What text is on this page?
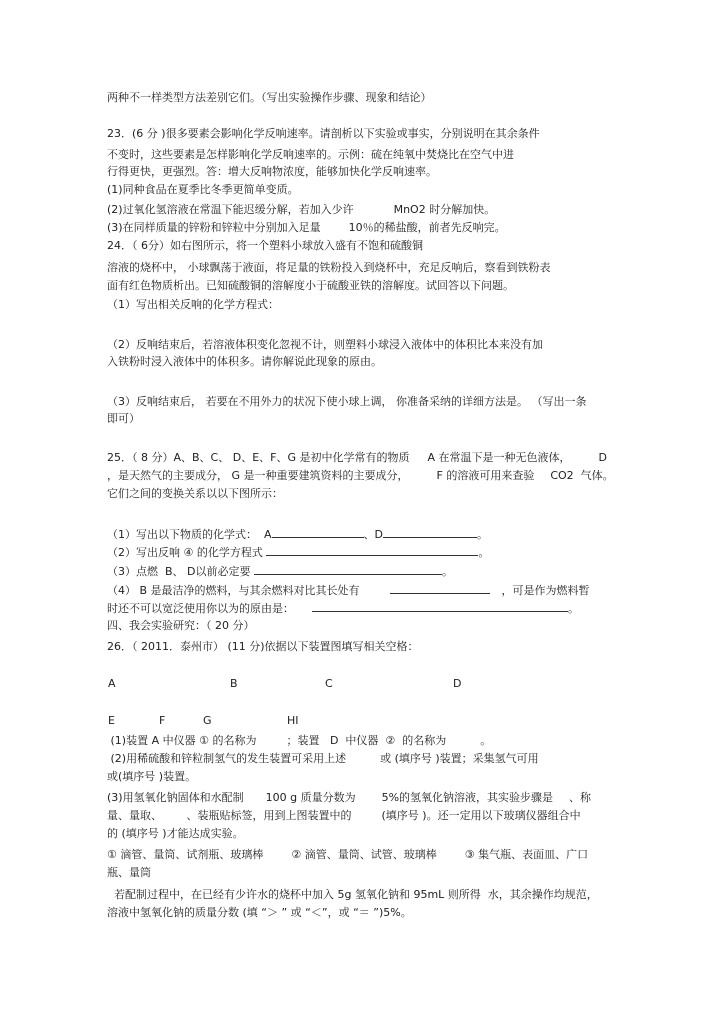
两种不一样类型方法差别它们。（写出实验操作步骤、现象和结论）
23．(6 分 )很多要素会影响化学反响速率。请剖析以下实验或事实，分别说明在其余条件
不变时，这些要素是怎样影响化学反响速率的。示例：硫在纯氧中焚烧比在空气中进
行得更快，更强烈。答：增大反响物浓度，能够加快化学反响速率。
(1)同种食品在夏季比冬季更简单变质。
(2)过氧化氢溶液在常温下能迟缓分解，若加入少许	MnO2 时分解加快。
(3)在同样质量的锌粉和锌粒中分别加入足量	10％的稀盐酸，前者先反响完。
24．（ 6分）如右图所示，将一个塑料小球放入盛有不饱和硫酸铜
溶液的烧杯中， 小球飘荡于液面，将足量的铁粉投入到烧杯中，充足反响后，察看到铁粉表
面有红色物质析出。已知硫酸铜的溶解度小于硫酸亚铁的溶解度。试回答以下问题。
（1）写出相关反响的化学方程式：
（2）反响结束后，若溶液体积变化忽视不计，则塑料小球浸入液体中的体积比本来没有加
入铁粉时浸入液体中的体积多。请你解说此现象的原由。
（3）反响结束后， 若要在不用外力的状况下使小球上调， 你准备采纳的详细方法是。 （写出一条
即可）
25．（ 8 分）A、B、C、 D、E、F、G 是初中化学常有的物质 A 在常温下是一种无色液体，	D
，是天然气的主要成分， G 是一种重要建筑资料的主要成分，	F 的溶液可用来查验 CO2  气体。
它们之间的变换关系以以下图所示：
（1）写出以下物质的化学式：  A	、D	。
（2）写出反响 ④ 的化学方程式	。
（3）点燃  B、 D以前必定要	。
（4） B 是最洁净的燃料，与其余燃料对比其长处有	，可是作为燃料暂
时还不可以宽泛使用你以为的原由是：	。
四、我会实验研究：（ 20 分）
26．（ 2011．泰州市） (11 分)依据以下装置图填写相关空格：
A	B	C	D
E	F	G	HI
(1)装置 A 中仪器 ① 的名称为	；装置   D  中仪器  ②  的名称为	。
(2)用稀硫酸和锌粒制氢气的发生装置可采用上述	或 (填序号 )装置；采集氢气可用
或(填序号 )装置。
(3)用氢氧化钠固体和水配制 100 g 质量分数为 5%的氢氧化钠溶液，其实验步骤是 、称
量、量取、	、装瓶贴标签，用到上图装置中的	(填序号 )。还一定用以下玻璃仪器组合中
的 (填序号 )才能达成实验。
① 滴管、量筒、试剂瓶、玻璃棒	② 滴管、量筒、试管、玻璃棒	③ 集气瓶、表面皿、广口
瓶、量筒
若配制过程中，在已经有少许水的烧杯中加入 5g 氢氧化钠和 95mL 则所得  水，其余操作均规范，
溶液中氢氧化钠的质量分数 (填 “＞ ” 或 “＜”，或 “＝ ”)5%。
